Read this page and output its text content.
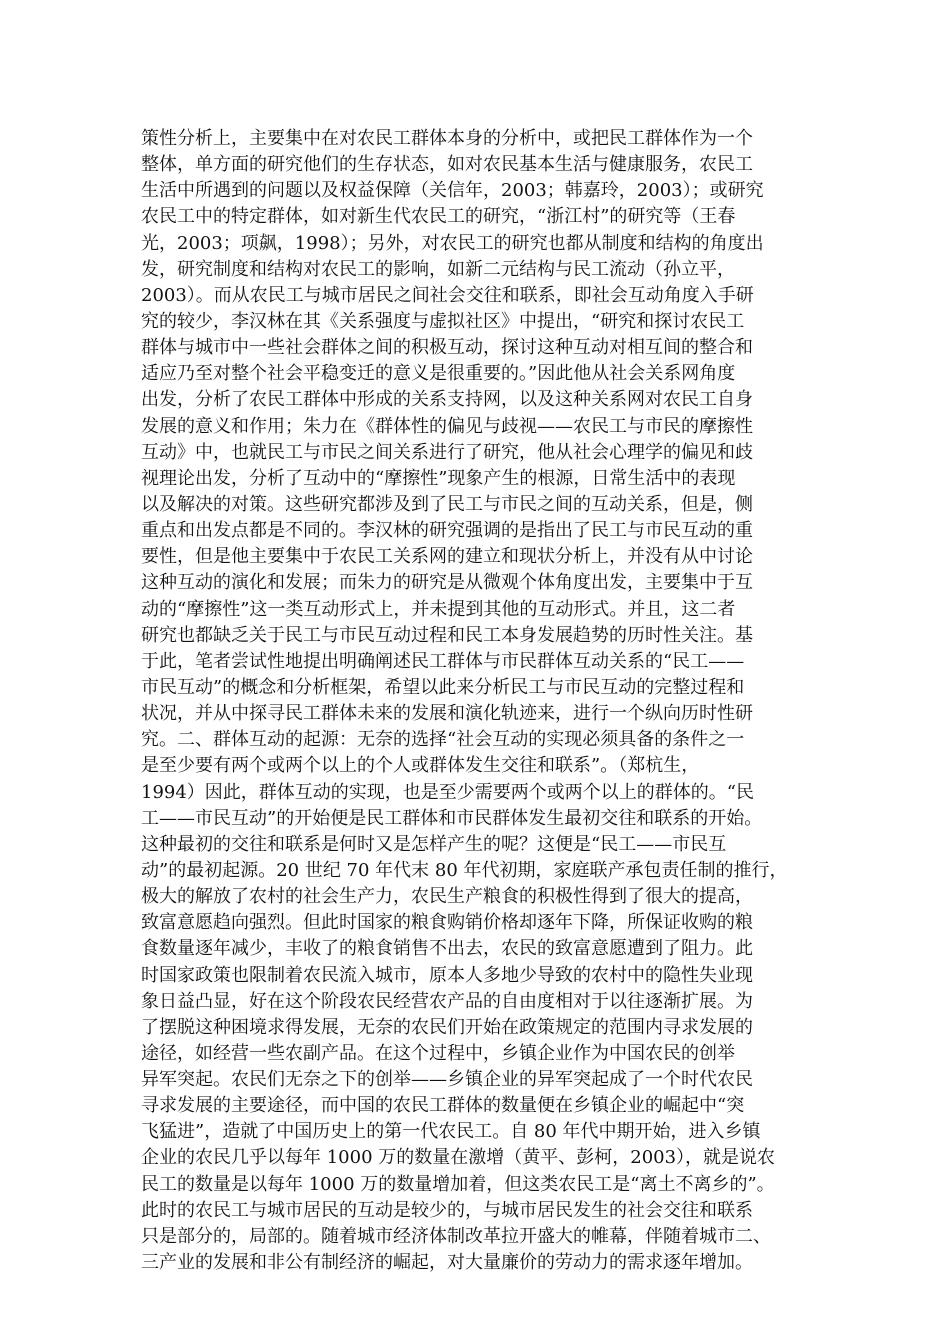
策性分析上，主要集中在对农民工群体本身的分析中，或把民工群体作为一个
整体，单方面的研究他们的生存状态，如对农民基本生活与健康服务，农民工
生活中所遇到的问题以及权益保障（关信年，2003；韩嘉玲，2003）；或研究
农民工中的特定群体，如对新生代农民工的研究，“浙江村”的研究等（王春
光，2003；项飙，1998）；另外，对农民工的研究也都从制度和结构的角度出
发，研究制度和结构对农民工的影响，如新二元结构与民工流动（孙立平，
2003）。而从农民工与城市居民之间社会交往和联系，即社会互动角度入手研
究的较少，李汉林在其《关系强度与虚拟社区》中提出，“研究和探讨农民工
群体与城市中一些社会群体之间的积极互动，探讨这种互动对相互间的整合和
适应乃至对整个社会平稳变迁的意义是很重要的。”因此他从社会关系网角度
出发，分析了农民工群体中形成的关系支持网，以及这种关系网对农民工自身
发展的意义和作用；朱力在《群体性的偏见与歧视——农民工与市民的摩擦性
互动》中，也就民工与市民之间关系进行了研究，他从社会心理学的偏见和歧
视理论出发，分析了互动中的“摩擦性”现象产生的根源，日常生活中的表现
以及解决的对策。这些研究都涉及到了民工与市民之间的互动关系，但是，侧
重点和出发点都是不同的。李汉林的研究强调的是指出了民工与市民互动的重
要性，但是他主要集中于农民工关系网的建立和现状分析上，并没有从中讨论
这种互动的演化和发展；而朱力的研究是从微观个体角度出发，主要集中于互
动的“摩擦性”这一类互动形式上，并未提到其他的互动形式。并且，这二者
研究也都缺乏关于民工与市民互动过程和民工本身发展趋势的历时性关注。基
于此，笔者尝试性地提出明确阐述民工群体与市民群体互动关系的“民工——
市民互动”的概念和分析框架，希望以此来分析民工与市民互动的完整过程和
状况，并从中探寻民工群体未来的发展和演化轨迹来，进行一个纵向历时性研
究。二、群体互动的起源：无奈的选择“社会互动的实现必须具备的条件之一
是至少要有两个或两个以上的个人或群体发生交往和联系”。（郑杭生，
1994）因此，群体互动的实现，也是至少需要两个或两个以上的群体的。“民
工——市民互动”的开始便是民工群体和市民群体发生最初交往和联系的开始。
这种最初的交往和联系是何时又是怎样产生的呢？这便是“民工——市民互
动”的最初起源。20 世纪 70 年代末 80 年代初期，家庭联产承包责任制的推行，
极大的解放了农村的社会生产力，农民生产粮食的积极性得到了很大的提高，
致富意愿趋向强烈。但此时国家的粮食购销价格却逐年下降，所保证收购的粮
食数量逐年减少，丰收了的粮食销售不出去，农民的致富意愿遭到了阻力。此
时国家政策也限制着农民流入城市，原本人多地少导致的农村中的隐性失业现
象日益凸显，好在这个阶段农民经营农产品的自由度相对于以往逐渐扩展。为
了摆脱这种困境求得发展，无奈的农民们开始在政策规定的范围内寻求发展的
途径，如经营一些农副产品。在这个过程中，乡镇企业作为中国农民的创举
异军突起。农民们无奈之下的创举——乡镇企业的异军突起成了一个时代农民
寻求发展的主要途径，而中国的农民工群体的数量便在乡镇企业的崛起中“突
飞猛进”，造就了中国历史上的第一代农民工。自 80 年代中期开始，进入乡镇
企业的农民几乎以每年 1000 万的数量在激增（黄平、彭柯，2003），就是说农
民工的数量是以每年 1000 万的数量增加着，但这类农民工是“离土不离乡的”。
此时的农民工与城市居民的互动是较少的，与城市居民发生的社会交往和联系
只是部分的，局部的。随着城市经济体制改革拉开盛大的帷幕，伴随着城市二、
三产业的发展和非公有制经济的崛起，对大量廉价的劳动力的需求逐年增加。
